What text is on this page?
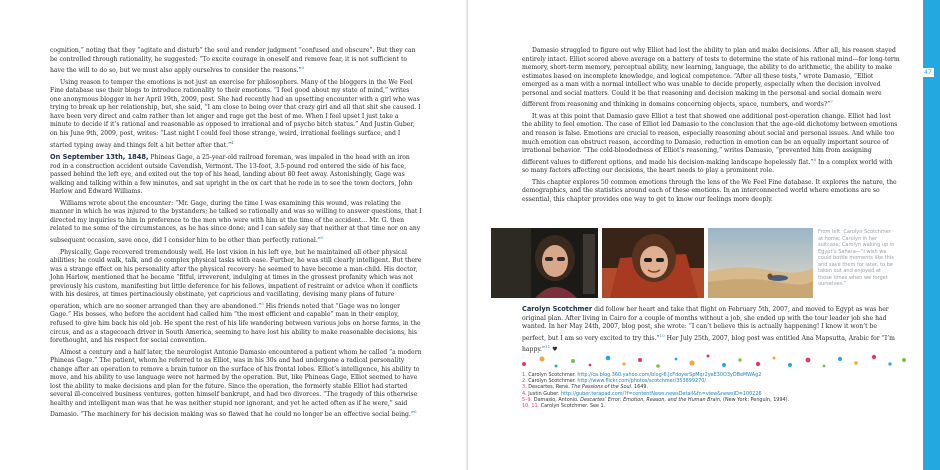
cognition,” noting that they “agitate and disturb” the soul and render judgment “confused and obscure”. But they can be controlled through rationality, he suggested: “To excite courage in oneself and remove fear, it is not sufficient to have the will to do so, but we must also apply ourselves to consider the reasons.”$^5$

Using reason to temper the emotions is not just an exercise for philosophers. Many of the bloggers in the We Feel Fine database use their blogs to introduce rationality to their emotions. “I feel good about my state of mind,” writes one anonymous blogger in her April 19th, 2009, post. She had recently had an upsetting encounter with a girl who was trying to break up her relationship, but, she said, “I am close to being over that crazy girl and all that shit she caused. I have been very direct and calm rather than let anger and rage get the best of me. When I feel upset I just take a minute to decide if it’s rational and reasonable as opposed to irrational and of psycho bitch status.” And Justin Guber, on his June 9th, 2009, post, writes: “Last night I could feel those strange, weird, irrational feelings surface, and I started typing away and things felt a bit better after that.”$^4$

On September 13th, 1848, Phineas Gage, a 25-year-old railroad foreman, was impaled in the head with an iron rod in a construction accident outside Cavendish, Vermont. The 13-foot, 3.5-pound rod entered the side of his face, passed behind the left eye, and exited out the top of his head, landing about 80 feet away. Astonishingly, Gage was walking and talking within a few minutes, and sat upright in the ox cart that he rode in to see the town doctors, John Harlow and Edward Williams.

Williams wrote about the encounter: “Mr. Gage, during the time I was examining this wound, was relating the manner in which he was injured to the bystanders; he talked so rationally and was so willing to answer questions, that I directed my inquiries to him in preference to the men who were with him at the time of the accident… Mr. G. then related to me some of the circumstances, as he has since done; and I can safely say that neither at that time nor on any subsequent occasion, save once, did I consider him to be other than perfectly rational.”$^5$

Physically, Gage recovered tremendously well. He lost vision in his left eye, but he maintained all other physical abilities; he could walk, talk, and do complex physical tasks with ease. Further, he was still clearly intelligent. But there was a strange effect on his personality after the physical recovery: he seemed to have become a man-child. His doctor, John Harlow, mentioned that he became “fitful, irreverent, indulging at times in the grossest profanity which was not previously his custom, manifesting but little deference for his fellows, impatient of restraint or advice when it conflicts with his desires, at times pertinaciously obstinate, yet capricious and vacillating, devising many plans of future operation, which are no sooner arranged than they are abandoned.”$^5$ His friends noted that “Gage was no longer Gage.” His bosses, who before the accident had called him “the most efficient and capable” man in their employ, refused to give him back his old job. He spent the rest of his life wandering between various jobs on horse farms, in the circus, and as a stagecoach driver in South America, seeming to have lost his ability to make reasonable decisions, his forethought, and his respect for social convention.

Almost a century and a half later, the neurologist Antonio Damasio encountered a patient whom he called “a modern Phineas Gage.” The patient, whom he referred to as Elliot, was in his 30s and had undergone a radical personality change after an operation to remove a brain tumor on the surface of his frontal lobes. Elliot’s intelligence, his ability to move, and his ability to use language were not harmed by the operation. But, like Phineas Gage, Elliot seemed to have lost the ability to make decisions and plan for the future. Since the operation, the formerly stable Elliot had started several ill-conceived business ventures, gotten himself bankrupt, and had two divorces. “The tragedy of this otherwise healthy and intelligent man was that he was neither stupid nor ignorant, and yet he acted often as if he were,” said Damasio. “The machinery for his decision making was so flawed that he could no longer be an effective social being.”$^6$

Damasio struggled to figure out why Elliot had lost the ability to plan and make decisions. After all, his reason stayed entirely intact. Elliot scored above average on a battery of tests to determine the state of his rational mind—for long-term memory, short-term memory, perceptual ability, new learning, language, the ability to do arithmetic, the ability to make estimates based on incomplete knowledge, and logical competence. “After all these tests,” wrote Damasio, “Elliot emerged as a man with a normal intellect who was unable to decide properly, especially when the decision involved personal and social matters. Could it be that reasoning and decision making in the personal and social domain were different from reasoning and thinking in domains concerning objects, space, numbers, and words?”$^7$

It was at this point that Damasio gave Elliot a test that showed one additional post-operation change. Elliot had lost the ability to feel emotion. The case of Elliot led Damasio to the conclusion that the age-old dichotomy between emotions and reason is false. Emotions are crucial to reason, especially reasoning about social and personal issues. And while too much emotion can obstruct reason, according to Damasio, reduction in emotion can be an equally important source of irrational behavior. “The cold-bloodedness of Elliot’s reasoning,” writes Damasio, “prevented him from assigning different values to different options, and made his decision-making landscape hopelessly flat.”$^8$ In a complex world with so many factors affecting our decisions, the heart needs to play a prominent role.

This chapter explores 50 common emotions through the lens of the We Feel Fine database. It explores the nature, the demographics, and the statistics around each of these emotions. In an interconnected world where emotions are so essential, this chapter provides one way to get to know our feelings more deeply.

From left: Carolyn Scotchmer at home; Carolyn in her suitcase; Carolyn waking up in Egypt’s Sahara—“I wish we could bottle moments like this and save them for later, to be taken out and enjoyed at those times when we forget ourselves.”
Carolyn Scotchmer did follow her heart and take that flight on February 5th, 2007, and moved to Egypt as was her original plan. After living in Cairo for a couple of months without a job, she ended up with the tour leader job she had wanted. In her May 24th, 2007, blog post, she wrote: “I can’t believe this is actually happening! I know it won’t be perfect, but I am so very excited to try this.”$^{10}$ Her July 25th, 2007, blog post was entitled Ana Mapsutta, Arabic for “I’m happy.”$^{11}$ ♥
1. Carolyn Scotchmer. http://ca.blog.360.yahoo.com/blog-6.JcFdoyerSpMqr2yeE30O3yDBeMWAg2
2. Carolyn Scotchmer. http://www.flickr.com/photos/scotchmer/353899270/
3. Descartes, René. The Passions of the Soul. 1649.
4. Justin Guber. http://guber.terapad.com/?f=contentNews.newsDetail&fn=view&newsID=100226
5–9. Damasio, Antonio. Descartes’ Error: Emotion, Reason, and the Human Brain, (New York: Penguin, 1994).
10, 11. Carolyn Scotchmer. See 1.
47
